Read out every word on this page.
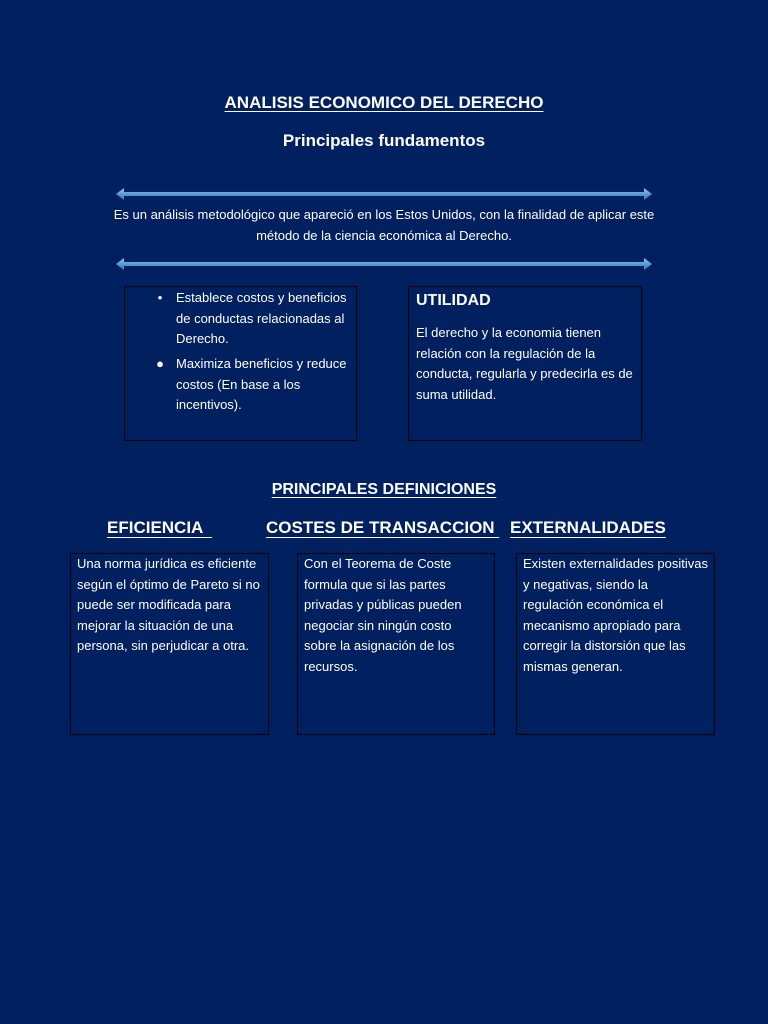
ANALISIS ECONOMICO DEL DERECHO
Principales fundamentos
Es un análisis metodológico que apareció en los Estos Unidos, con la finalidad de aplicar este método de la ciencia económica al Derecho.
• Establece costos y beneficios de conductas relacionadas al Derecho.
● Maximiza beneficios y reduce costos (En base a los incentivos).
UTILIDAD
El derecho y la economia tienen relación con la regulación de la conducta, regularla y predecirla es de suma utilidad.
PRINCIPALES DEFINICIONES
EFICIENCIA	COSTES DE TRANSACCION EXTERNALIDADES
Una norma jurídica es eficiente según el óptimo de Pareto si no puede ser modificada para mejorar la situación de una persona, sin perjudicar a otra.
Con el Teorema de Coste formula que si las partes privadas y públicas pueden negociar sin ningún costo sobre la asignación de los recursos.
Existen externalidades positivas y negativas, siendo la regulación económica el mecanismo apropiado para corregir la distorsión que las mismas generan.
